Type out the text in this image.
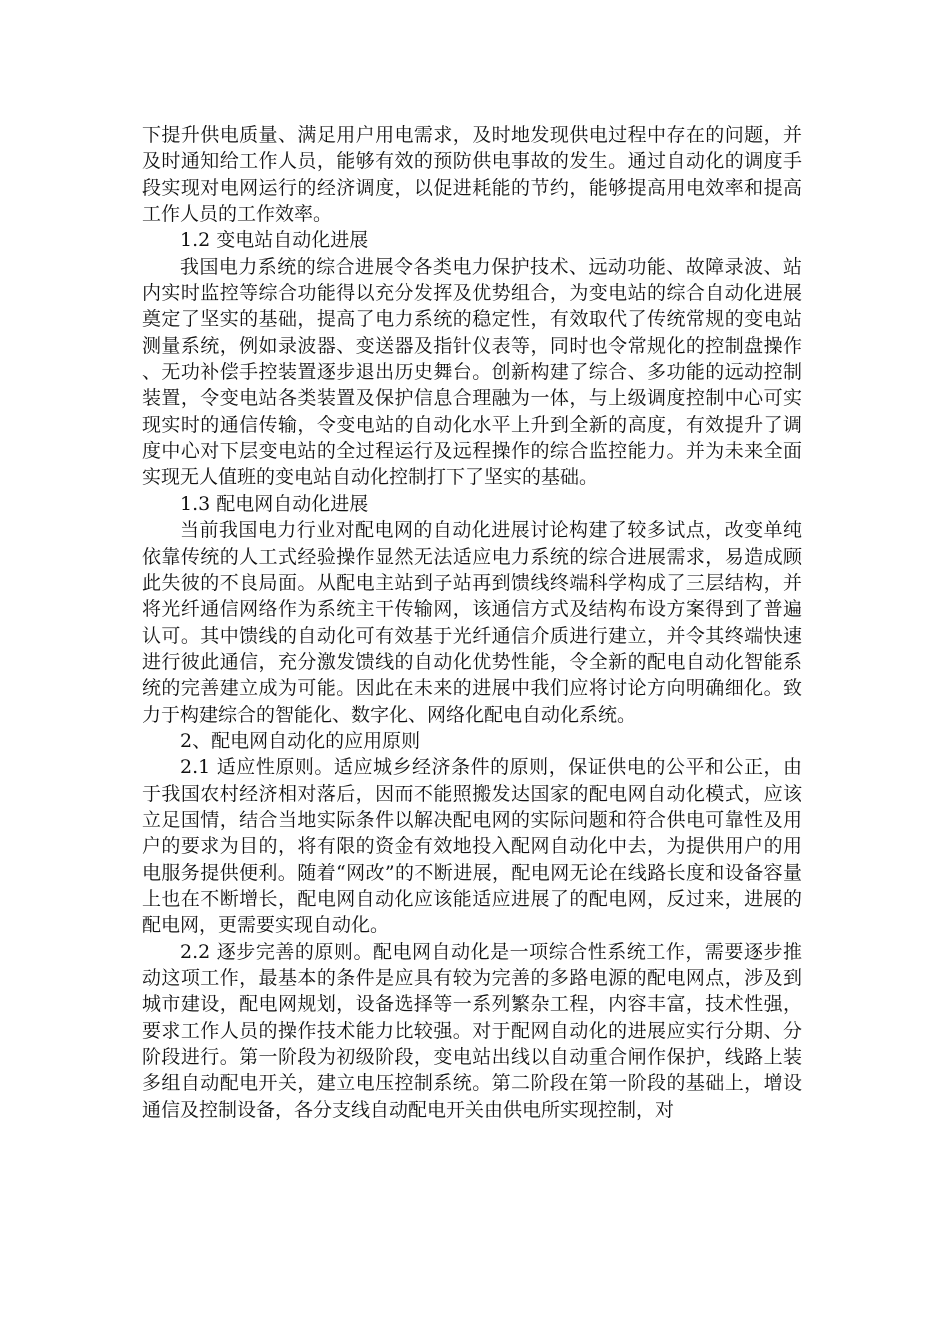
下提升供电质量、满足用户用电需求，及时地发现供电过程中存在的问题，并及时通知给工作人员，能够有效的预防供电事故的发生。通过自动化的调度手段实现对电网运行的经济调度，以促进耗能的节约，能够提高用电效率和提高工作人员的工作效率。

1.2 变电站自动化进展

我国电力系统的综合进展令各类电力保护技术、远动功能、故障录波、站内实时监控等综合功能得以充分发挥及优势组合，为变电站的综合自动化进展奠定了坚实的基础，提高了电力系统的稳定性，有效取代了传统常规的变电站测量系统，例如录波器、变送器及指针仪表等，同时也令常规化的控制盘操作、无功补偿手控装置逐步退出历史舞台。创新构建了综合、多功能的远动控制装置，令变电站各类装置及保护信息合理融为一体，与上级调度控制中心可实现实时的通信传输，令变电站的自动化水平上升到全新的高度，有效提升了调度中心对下层变电站的全过程运行及远程操作的综合监控能力。并为未来全面实现无人值班的变电站自动化控制打下了坚实的基础。

1.3 配电网自动化进展

当前我国电力行业对配电网的自动化进展讨论构建了较多试点，改变单纯依靠传统的人工式经验操作显然无法适应电力系统的综合进展需求，易造成顾此失彼的不良局面。从配电主站到子站再到馈线终端科学构成了三层结构，并将光纤通信网络作为系统主干传输网，该通信方式及结构布设方案得到了普遍认可。其中馈线的自动化可有效基于光纤通信介质进行建立，并令其终端快速进行彼此通信，充分激发馈线的自动化优势性能，令全新的配电自动化智能系统的完善建立成为可能。因此在未来的进展中我们应将讨论方向明确细化。致力于构建综合的智能化、数字化、网络化配电自动化系统。

2、配电网自动化的应用原则

2.1 适应性原则。适应城乡经济条件的原则，保证供电的公平和公正，由于我国农村经济相对落后，因而不能照搬发达国家的配电网自动化模式，应该立足国情，结合当地实际条件以解决配电网的实际问题和符合供电可靠性及用户的要求为目的，将有限的资金有效地投入配网自动化中去，为提供用户的用电服务提供便利。随着“网改”的不断进展，配电网无论在线路长度和设备容量上也在不断增长，配电网自动化应该能适应进展了的配电网，反过来，进展的配电网，更需要实现自动化。

2.2 逐步完善的原则。配电网自动化是一项综合性系统工作，需要逐步推动这项工作，最基本的条件是应具有较为完善的多路电源的配电网点，涉及到城市建设，配电网规划，设备选择等一系列繁杂工程，内容丰富，技术性强，要求工作人员的操作技术能力比较强。对于配网自动化的进展应实行分期、分阶段进行。第一阶段为初级阶段，变电站出线以自动重合闸作保护，线路上装多组自动配电开关，建立电压控制系统。第二阶段在第一阶段的基础上，增设通信及控制设备，各分支线自动配电开关由供电所实现控制，对
